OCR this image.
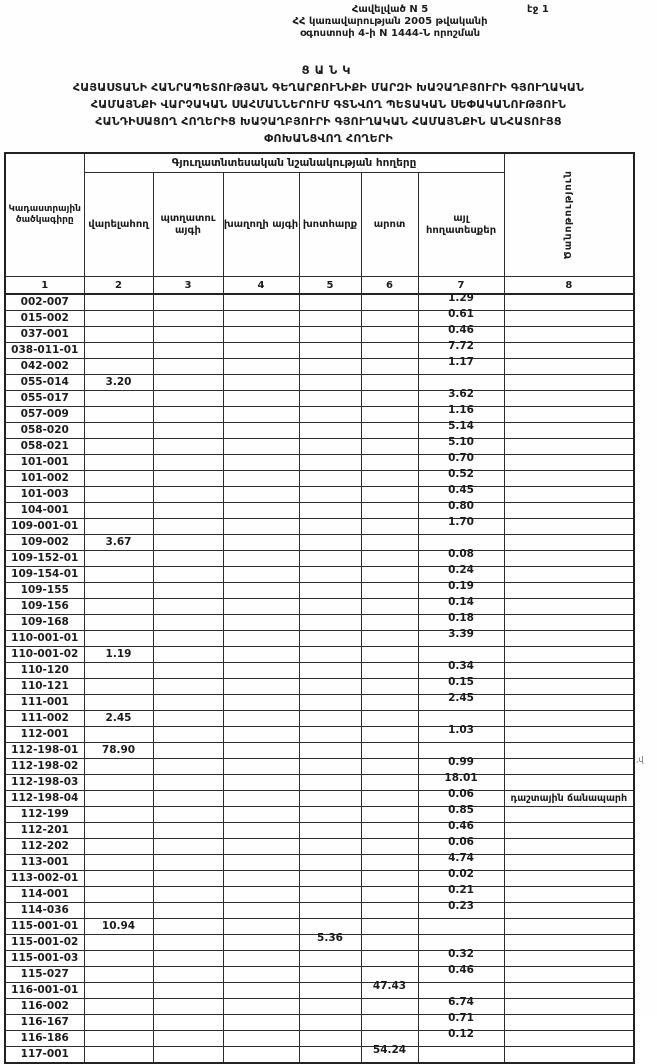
Հավելված N 5
ՀՀ կառավարության 2005 թվականի
օգոստոսի 4-ի N 1444-Ն որոշման
էջ 1
ՑԱՆԿ
ՀԱՅԱՍՏԱՆԻ ՀԱՆՐԱՊԵՏՈՒԹՅԱՆ ԳԵՂԱՐՔՈՒՆԻՔԻ ՄԱՐԶԻ ԽԱՉԱՂԲՅՈՒՐԻ ԳՅՈՒՂԱԿԱՆ
ՀԱՄԱՅՆՔԻ ՎԱՐՉԱԿԱՆ ՍԱՀՄԱՆՆԵՐՈՒՄ ԳՏՆՎՈՂ ՊԵՏԱԿԱՆ ՍԵՓԱԿԱՆՈՒԹՅՈՒՆ
ՀԱՆԴԻՍԱՑՈՂ ՀՈՂԵՐԻՑ ԽԱՉԱՂԲՅՈՒՐԻ ԳՅՈՒՂԱԿԱՆ ՀԱՄԱՅՆՔԻՆ ԱՆՀԱՏՈՒՅՑ
ՓՈԽԱՆՑՎՈՂ ՀՈՂԵՐԻ
Կադաստրային ծածկագիրը	Գյուղատնտեսական նշանակության հողերը						Ծանոթություն

	վարելահող	պտղատու այգի	խաղողի այգի	խոտհարք	արոտ	այլ հողատեսքեր	
1	2	3	4	5	6	7	8
002-007						1.29	
015-002						0.61	
037-001						0.46	
038-011-01						7.72	
042-002						1.17	
055-014	3.20						
055-017						3.62	
057-009						1.16	
058-020						5.14	
058-021						5.10	
101-001						0.70	
101-002						0.52	
101-003						0.45	
104-001						0.80	
109-001-01						1.70	
109-002	3.67						
109-152-01						0.08	
109-154-01						0.24	
109-155						0.19	
109-156						0.14	
109-168						0.18	
110-001-01						3.39	
110-001-02	1.19						
110-120						0.34	
110-121						0.15	
111-001						2.45	
111-002	2.45						
112-001						1.03	
112-198-01	78.90						
112-198-02						0.99	
112-198-03						18.01	
112-198-04						0.06	դաշտային ճանապարհ
112-199						0.85	
112-201						0.46	
112-202						0.06	
113-001						4.74	
113-002-01						0.02	
114-001						0.21	
114-036						0.23	
115-001-01	10.94						
115-001-02				5.36			
115-001-03						0.32	
115-027						0.46	
116-001-01					47.43		
116-002						6.74	
116-167						0.71	
116-186						0.12	
117-001					54.24		
,վ
